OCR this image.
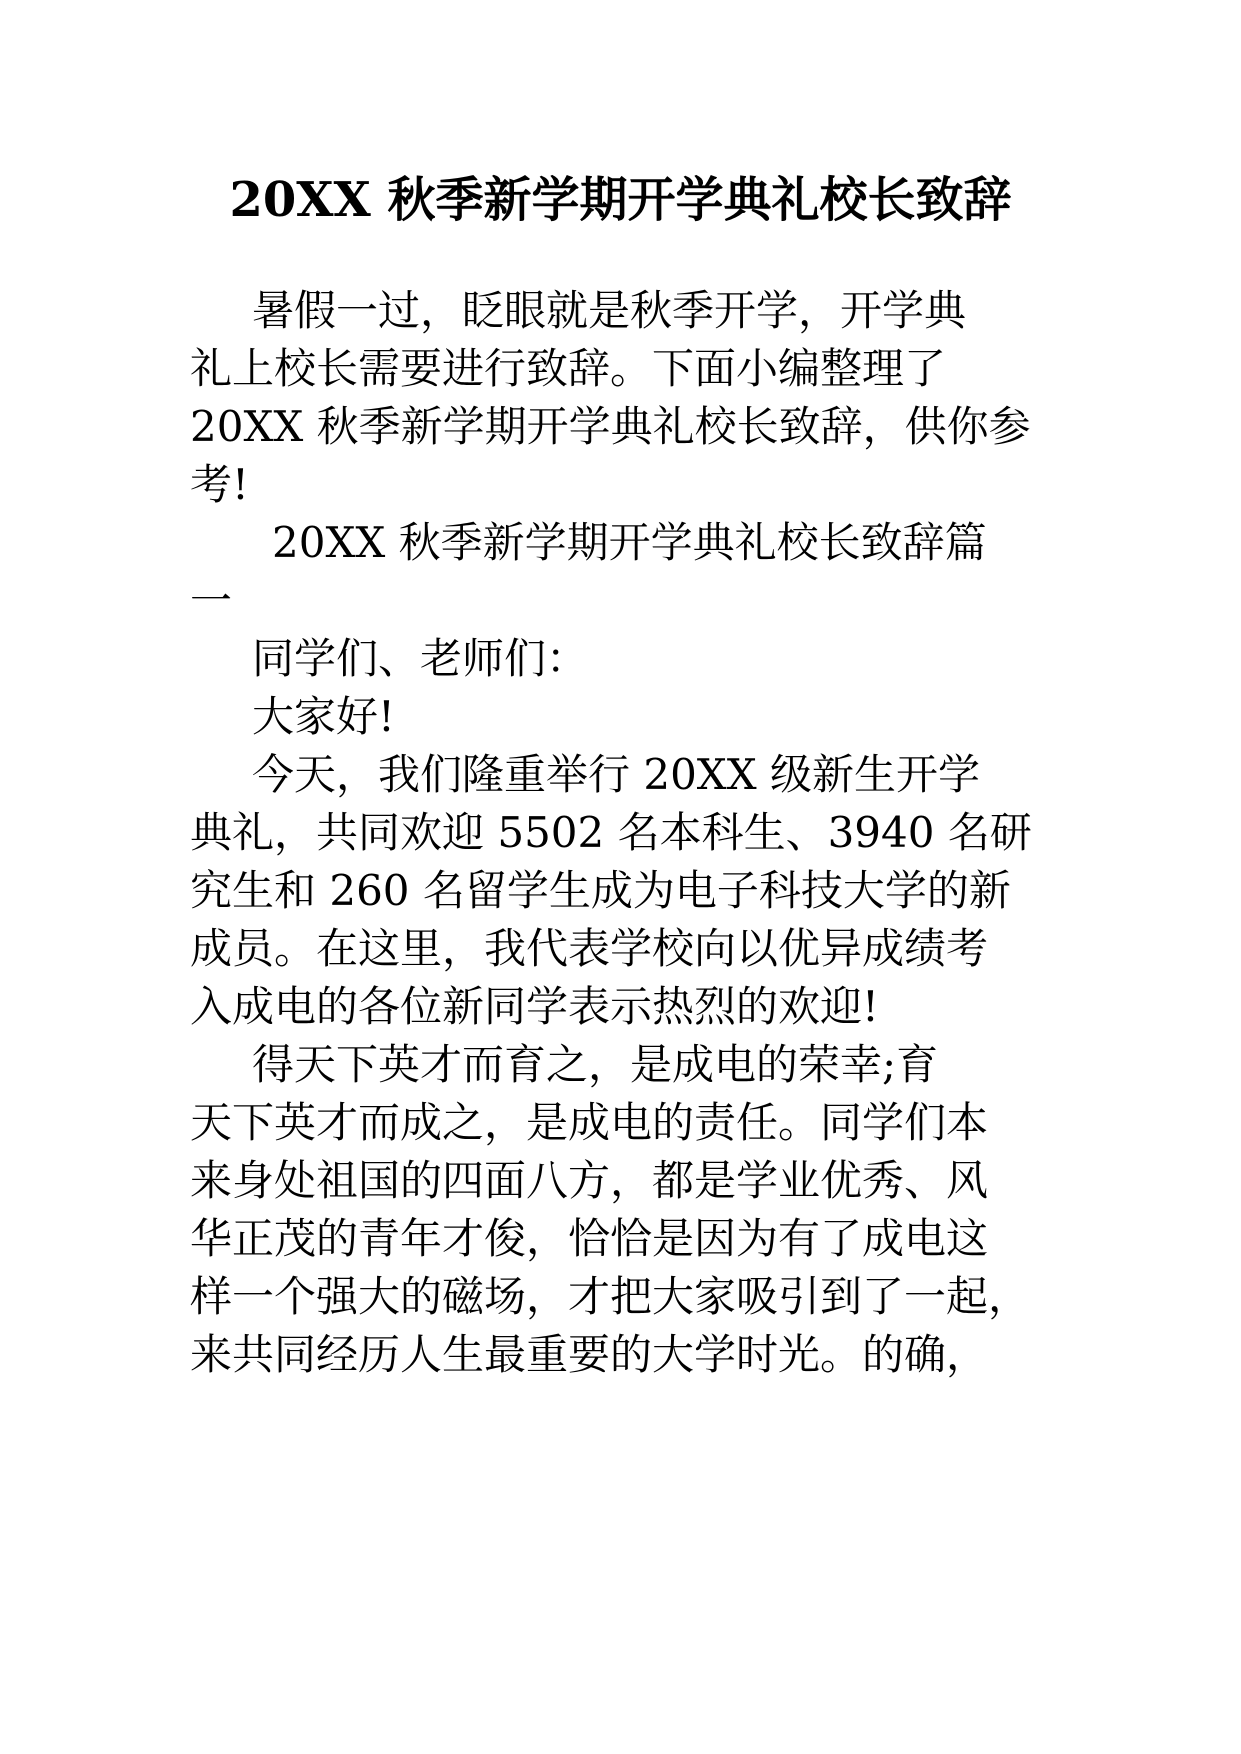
20XX 秋季新学期开学典礼校长致辞
暑假一过，眨眼就是秋季开学，开学典
礼上校长需要进行致辞。下面小编整理了
20XX 秋季新学期开学典礼校长致辞，供你参
考!
20XX 秋季新学期开学典礼校长致辞篇
一
同学们、老师们：
大家好!
今天，我们隆重举行 20XX 级新生开学
典礼，共同欢迎 5502 名本科生、3940 名研
究生和 260 名留学生成为电子科技大学的新
成员。在这里，我代表学校向以优异成绩考
入成电的各位新同学表示热烈的欢迎!
得天下英才而育之，是成电的荣幸;育
天下英才而成之，是成电的责任。同学们本
来身处祖国的四面八方，都是学业优秀、风
华正茂的青年才俊，恰恰是因为有了成电这
样一个强大的磁场，才把大家吸引到了一起，
来共同经历人生最重要的大学时光。的确，
